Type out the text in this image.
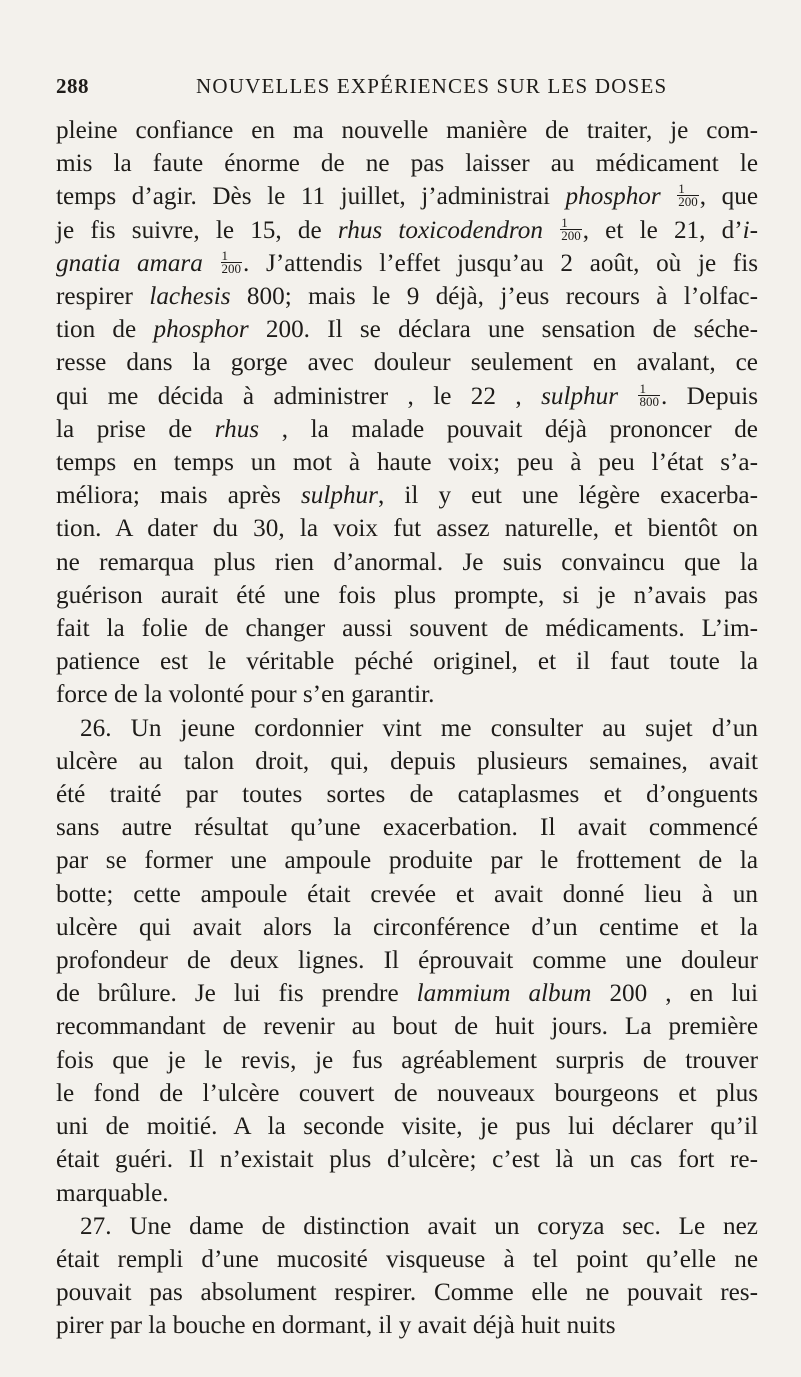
288	NOUVELLES EXPÉRIENCES SUR LES DOSES
pleine confiance en ma nouvelle manière de traiter, je com-
mis la faute énorme de ne pas laisser au médicament le
temps d’agir. Dès le 11 juillet, j’administrai phosphor $\frac{1}{200}$ , que
je fis suivre, le 15, de rhus toxicodendron $\frac{1}{200}$ , et le 21, d’i-
gnatia amara $\frac{1}{200}$ . J’attendis l’effet jusqu’au 2 août, où je fis
respirer lachesis 800; mais le 9 déjà, j’eus recours à l’olfac-
tion de phosphor 200. Il se déclara une sensation de séche-
resse dans la gorge avec douleur seulement en avalant, ce
qui me décida à administrer , le 22 , sulphur $\frac{1}{800}$ . Depuis
la prise de rhus , la malade pouvait déjà prononcer de
temps en temps un mot à haute voix; peu à peu l’état s’a-
méliora; mais après sulphur, il y eut une légère exacerba-
tion. A dater du 30, la voix fut assez naturelle, et bientôt on
ne remarqua plus rien d’anormal. Je suis convaincu que la
guérison aurait été une fois plus prompte, si je n’avais pas
fait la folie de changer aussi souvent de médicaments. L’im-
patience est le véritable péché originel, et il faut toute la
force de la volonté pour s’en garantir.
26. Un jeune cordonnier vint me consulter au sujet d’un
ulcère au talon droit, qui, depuis plusieurs semaines, avait
été traité par toutes sortes de cataplasmes et d’onguents
sans autre résultat qu’une exacerbation. Il avait commencé
par se former une ampoule produite par le frottement de la
botte; cette ampoule était crevée et avait donné lieu à un
ulcère qui avait alors la circonférence d’un centime et la
profondeur de deux lignes. Il éprouvait comme une douleur
de brûlure. Je lui fis prendre lammium album 200 , en lui
recommandant de revenir au bout de huit jours. La première
fois que je le revis, je fus agréablement surpris de trouver
le fond de l’ulcère couvert de nouveaux bourgeons et plus
uni de moitié. A la seconde visite, je pus lui déclarer qu’il
était guéri. Il n’existait plus d’ulcère; c’est là un cas fort re-
marquable.
27. Une dame de distinction avait un coryza sec. Le nez
était rempli d’une mucosité visqueuse à tel point qu’elle ne
pouvait pas absolument respirer. Comme elle ne pouvait res-
pirer par la bouche en dormant, il y avait déjà huit nuits
